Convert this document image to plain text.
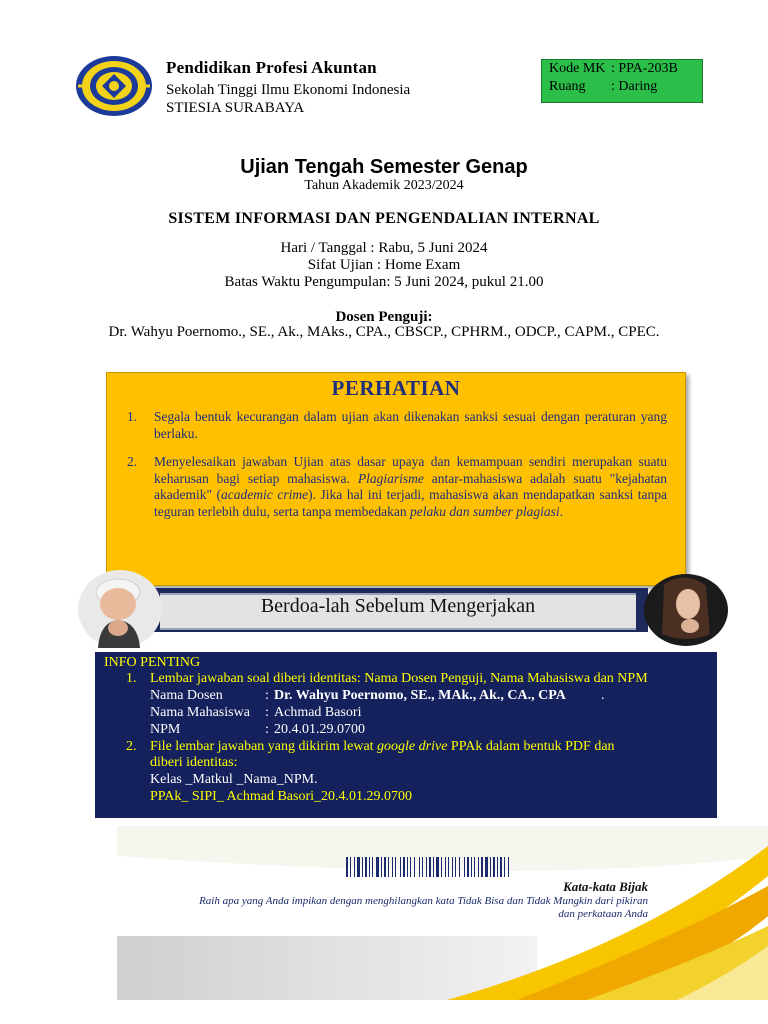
Pendidikan Profesi Akuntan
Sekolah Tinggi Ilmu Ekonomi Indonesia
STIESIA SURABAYA
Kode MK : PPA-203B
Ruang : Daring
Ujian Tengah Semester Genap
Tahun Akademik 2023/2024
SISTEM INFORMASI DAN PENGENDALIAN INTERNAL
Hari / Tanggal : Rabu, 5 Juni 2024
Sifat Ujian : Home Exam
Batas Waktu Pengumpulan: 5 Juni 2024, pukul 21.00
Dosen Penguji:
Dr. Wahyu Poernomo., SE., Ak., MAks., CPA., CBSCP., CPHRM., ODCP., CAPM., CPEC.
PERHATIAN
1. Segala bentuk kecurangan dalam ujian akan dikenakan sanksi sesuai dengan peraturan yang berlaku.
2. Menyelesaikan jawaban Ujian atas dasar upaya dan kemampuan sendiri merupakan suatu keharusan bagi setiap mahasiswa. Plagiarisme antar-mahasiswa adalah suatu "kejahatan akademik" (academic crime). Jika hal ini terjadi, mahasiswa akan mendapatkan sanksi tanpa teguran terlebih dulu, serta tanpa membedakan pelaku dan sumber plagiasi.
Berdoa-lah Sebelum Mengerjakan
INFO PENTING
1. Lembar jawaban soal diberi identitas: Nama Dosen Penguji, Nama Mahasiswa dan NPM
Nama Dosen	: Dr. Wahyu Poernomo, SE., MAk., Ak., CA., CPA	.
Nama Mahasiswa : Achmad Basori
NPM	: 20.4.01.29.0700
2. File lembar jawaban yang dikirim lewat google drive PPAk dalam bentuk PDF dan
diberi identitas:
Kelas _Matkul _Nama_NPM.
PPAk_ SIPI_ Achmad Basori_20.4.01.29.0700
Kata-kata Bijak
Raih apa yang Anda impikan dengan menghilangkan kata Tidak Bisa dan Tidak Mungkin dari pikiran
dan perkataan Anda
